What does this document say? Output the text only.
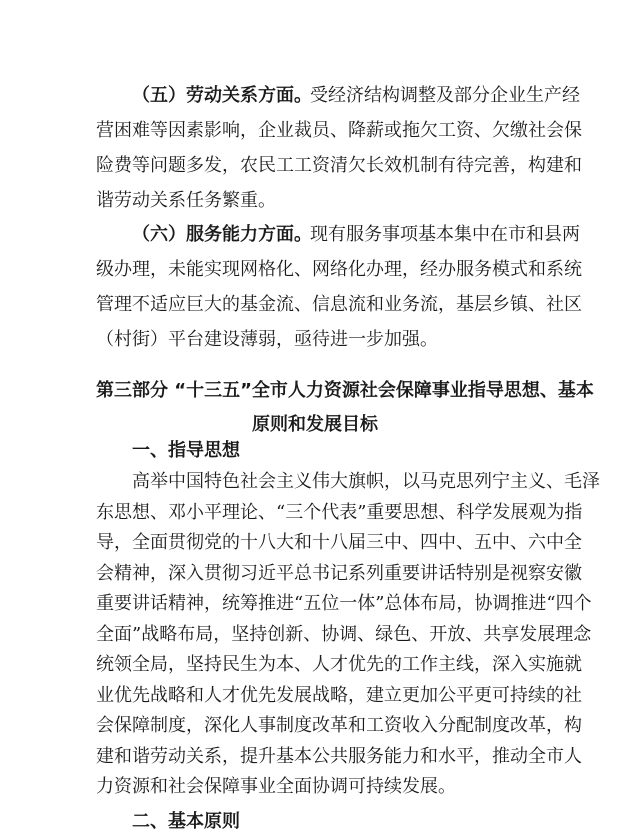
（五）劳动关系方面。
受经济结构调整及部分企业生产经
营困难等因素影响，企业裁员、降薪或拖欠工资、欠缴社会保
险费等问题多发，农民工工资清欠长效机制有待完善，构建和
谐劳动关系任务繁重。
（六）服务能力方面。
现有服务事项基本集中在市和县两
级办理，未能实现网格化、网络化办理，经办服务模式和系统
管理不适应巨大的基金流、信息流和业务流，基层乡镇、社区
（村街）平台建设薄弱，亟待进一步加强。
第三部分 “十三五”全市人力资源社会保障事业指导思想、基本
原则和发展目标
一、指导思想
高举中国特色社会主义伟大旗帜，以马克思列宁主义、毛泽
东思想、邓小平理论、“三个代表”重要思想、科学发展观为指
导，全面贯彻党的十八大和十八届三中、四中、五中、六中全
会精神，深入贯彻习近平总书记系列重要讲话特别是视察安徽
重要讲话精神，统筹推进“五位一体”总体布局，协调推进“四个
全面”战略布局，坚持创新、协调、绿色、开放、共享发展理念
统领全局，坚持民生为本、人才优先的工作主线，深入实施就
业优先战略和人才优先发展战略，建立更加公平更可持续的社
会保障制度，深化人事制度改革和工资收入分配制度改革，构
建和谐劳动关系，提升基本公共服务能力和水平，推动全市人
力资源和社会保障事业全面协调可持续发展。
二、基本原则
